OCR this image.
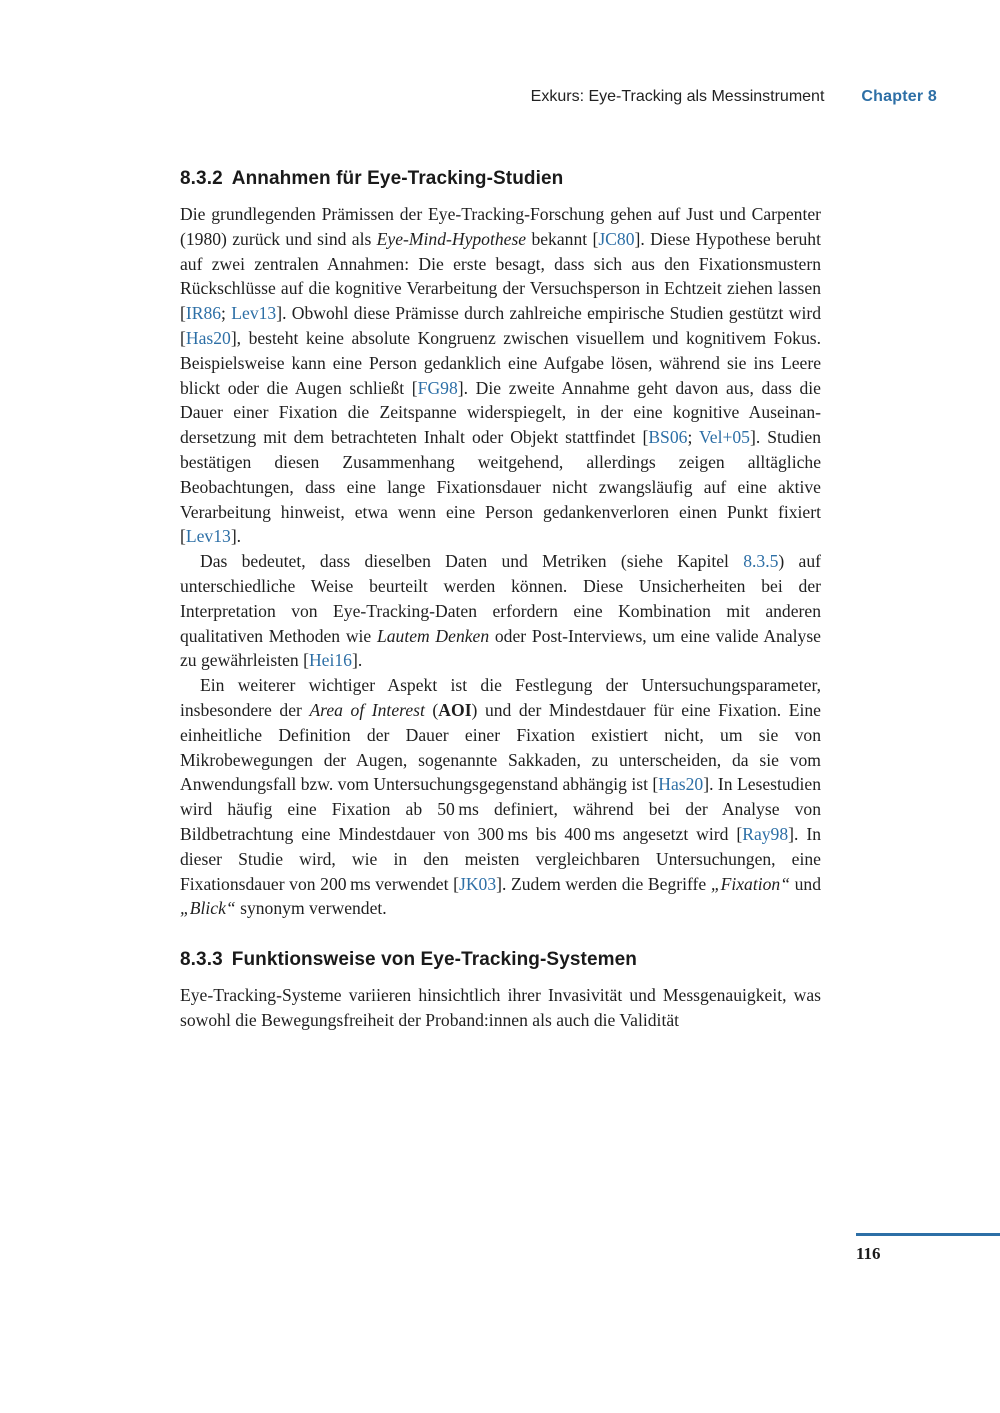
Exkurs: Eye-Tracking als Messinstrument Chapter 8
8.3.2 Annahmen für Eye-Tracking-Studien

Die grundlegenden Prämissen der Eye-Tracking-Forschung gehen auf Just und Carpenter (1980) zurück und sind als Eye-Mind-Hypothese bekannt [JC80]. Diese Hypothese beruht auf zwei zentralen Annahmen: Die erste besagt, dass sich aus den Fixationsmustern Rückschlüsse auf die kognitive Verarbeitung der Versuchsperson in Echtzeit ziehen lassen [IR86; Lev13]. Obwohl diese Prämisse durch zahlreiche empirische Studien gestützt wird [Has20], besteht keine absolute Kongruenz zwischen visuellem und kognitivem Fokus. Beispielsweise kann eine Person gedanklich eine Aufgabe lösen, während sie ins Leere blickt oder die Augen schließt [FG98]. Die zweite Annahme geht davon aus, dass die Dauer einer Fixation die Zeitspanne widerspiegelt, in der eine kognitive Auseinandersetzung mit dem betrachteten Inhalt oder Objekt stattfindet [BS06; Vel+05]. Studien bestätigen diesen Zusammenhang weitgehend, allerdings zeigen alltägliche Beobachtungen, dass eine lange Fixationsdauer nicht zwangsläufig auf eine aktive Verarbeitung hinweist, etwa wenn eine Person gedankenverloren einen Punkt fixiert [Lev13].

Das bedeutet, dass dieselben Daten und Metriken (siehe Kapitel 8.3.5) auf unterschiedliche Weise beurteilt werden können. Diese Unsicherheiten bei der Interpretation von Eye-Tracking-Daten erfordern eine Kombination mit anderen qualitativen Methoden wie Lautem Denken oder Post-Interviews, um eine valide Analyse zu gewährleisten [Hei16].

Ein weiterer wichtiger Aspekt ist die Festlegung der Untersuchungsparameter, insbesondere der Area of Interest (AOI) und der Mindestdauer für eine Fixation. Eine einheitliche Definition der Dauer einer Fixation existiert nicht, um sie von Mikrobewegungen der Augen, sogenannte Sakkaden, zu unterscheiden, da sie vom Anwendungsfall bzw. vom Untersuchungsgegenstand abhängig ist [Has20]. In Lesestudien wird häufig eine Fixation ab 50 ms definiert, während bei der Analyse von Bildbetrachtung eine Mindestdauer von 300 ms bis 400 ms angesetzt wird [Ray98]. In dieser Studie wird, wie in den meisten vergleichbaren Untersuchungen, eine Fixationsdauer von 200 ms verwendet [JK03]. Zudem werden die Begriffe „Fixation“ und „Blick“ synonym verwendet.

8.3.3 Funktionsweise von Eye-Tracking-Systemen

Eye-Tracking-Systeme variieren hinsichtlich ihrer Invasivität und Messgenauigkeit, was sowohl die Bewegungsfreiheit der Proband:innen als auch die Validität

116
